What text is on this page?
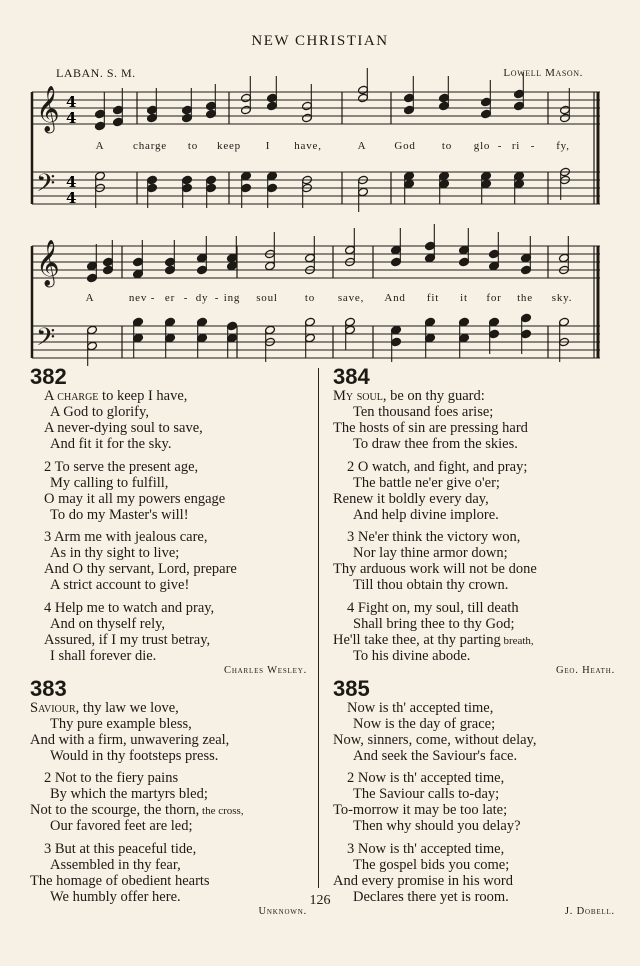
NEW CHRISTIAN
LABAN. S. M.	Lowell Mason.
𝄞
𝄢
4
4
4
4
𝄞
𝄢
A	charge to keep I have,	A	God to glo - ri - fy,
A	nev - er - dy - ing soul to save, And fit it for the sky.
382
A charge to keep I have,
A God to glorify,
A never-dying soul to save,
And fit it for the sky.
2 To serve the present age,
My calling to fulfill,
O may it all my powers engage
To do my Master's will!
3 Arm me with jealous care,
As in thy sight to live;
And O thy servant, Lord, prepare
A strict account to give!
4 Help me to watch and pray,
And on thyself rely,
Assured, if I my trust betray,
I shall forever die.
Charles Wesley.
383
Saviour, thy law we love,
Thy pure example bless,
And with a firm, unwavering zeal,
Would in thy footsteps press.
2 Not to the fiery pains
By which the martyrs bled;
Not to the scourge, the thorn, the cross,
Our favored feet are led;
3 But at this peaceful tide,
Assembled in thy fear,
The homage of obedient hearts
We humbly offer here.
Unknown.
384
My soul, be on thy guard:
Ten thousand foes arise;
The hosts of sin are pressing hard
To draw thee from the skies.
2 O watch, and fight, and pray;
The battle ne'er give o'er;
Renew it boldly every day,
And help divine implore.
3 Ne'er think the victory won,
Nor lay thine armor down;
Thy arduous work will not be done
Till thou obtain thy crown.
4 Fight on, my soul, till death
Shall bring thee to thy God;
He'll take thee, at thy parting breath,
To his divine abode.
Geo. Heath.
385
Now is th' accepted time,
Now is the day of grace;
Now, sinners, come, without delay,
And seek the Saviour's face.
2 Now is th' accepted time,
The Saviour calls to-day;
To-morrow it may be too late;
Then why should you delay?
3 Now is th' accepted time,
The gospel bids you come;
And every promise in his word
Declares there yet is room.
J. Dobell.
126
